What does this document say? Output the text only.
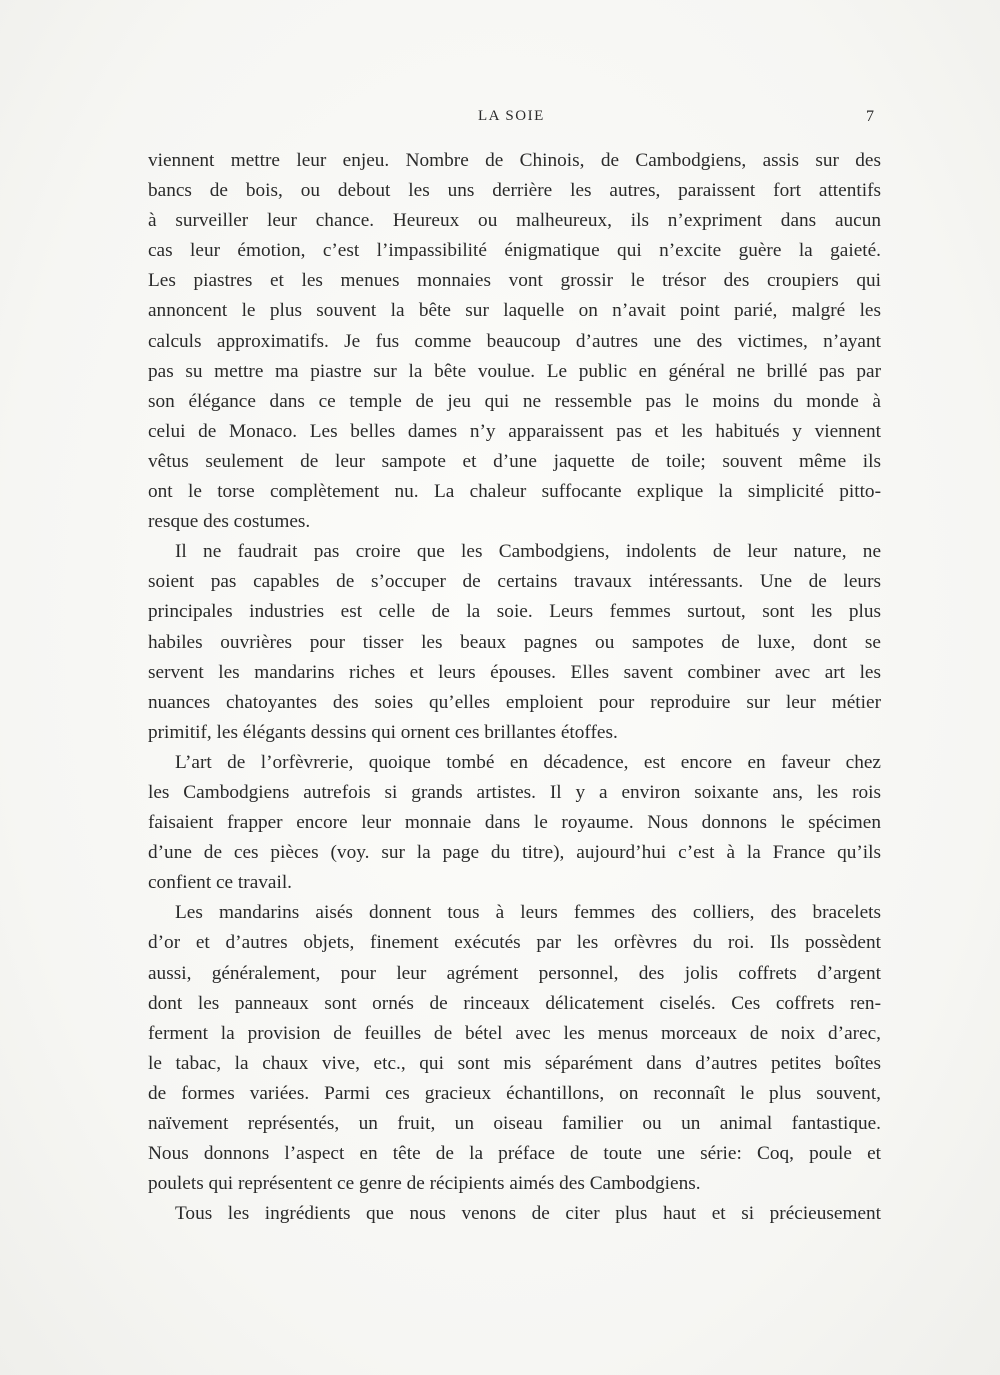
LA SOIE	7
viennent mettre leur enjeu. Nombre de Chinois, de Cambodgiens, assis sur des
bancs de bois, ou debout les uns derrière les autres, paraissent fort attentifs
à surveiller leur chance. Heureux ou malheureux, ils n’expriment dans aucun
cas leur émotion, c’est l’impassibilité énigmatique qui n’excite guère la gaieté.
Les piastres et les menues monnaies vont grossir le trésor des croupiers qui
annoncent le plus souvent la bête sur laquelle on n’avait point parié, malgré les
calculs approximatifs. Je fus comme beaucoup d’autres une des victimes, n’ayant
pas su mettre ma piastre sur la bête voulue. Le public en général ne brillé pas par
son élégance dans ce temple de jeu qui ne ressemble pas le moins du monde à
celui de Monaco. Les belles dames n’y apparaissent pas et les habitués y viennent
vêtus seulement de leur sampote et d’une jaquette de toile; souvent même ils
ont le torse complètement nu. La chaleur suffocante explique la simplicité pitto-
resque des costumes.
Il ne faudrait pas croire que les Cambodgiens, indolents de leur nature, ne
soient pas capables de s’occuper de certains travaux intéressants. Une de leurs
principales industries est celle de la soie. Leurs femmes surtout, sont les plus
habiles ouvrières pour tisser les beaux pagnes ou sampotes de luxe, dont se
servent les mandarins riches et leurs épouses. Elles savent combiner avec art les
nuances chatoyantes des soies qu’elles emploient pour reproduire sur leur métier
primitif, les élégants dessins qui ornent ces brillantes étoffes.
L’art de l’orfèvrerie, quoique tombé en décadence, est encore en faveur chez
les Cambodgiens autrefois si grands artistes. Il y a environ soixante ans, les rois
faisaient frapper encore leur monnaie dans le royaume. Nous donnons le spécimen
d’une de ces pièces (voy. sur la page du titre), aujourd’hui c’est à la France qu’ils
confient ce travail.
Les mandarins aisés donnent tous à leurs femmes des colliers, des bracelets
d’or et d’autres objets, finement exécutés par les orfèvres du roi. Ils possèdent
aussi, généralement, pour leur agrément personnel, des jolis coffrets d’argent
dont les panneaux sont ornés de rinceaux délicatement ciselés. Ces coffrets ren-
ferment la provision de feuilles de bétel avec les menus morceaux de noix d’arec,
le tabac, la chaux vive, etc., qui sont mis séparément dans d’autres petites boîtes
de formes variées. Parmi ces gracieux échantillons, on reconnaît le plus souvent,
naïvement représentés, un fruit, un oiseau familier ou un animal fantastique.
Nous donnons l’aspect en tête de la préface de toute une série: Coq, poule et
poulets qui représentent ce genre de récipients aimés des Cambodgiens.
Tous les ingrédients que nous venons de citer plus haut et si précieusement
